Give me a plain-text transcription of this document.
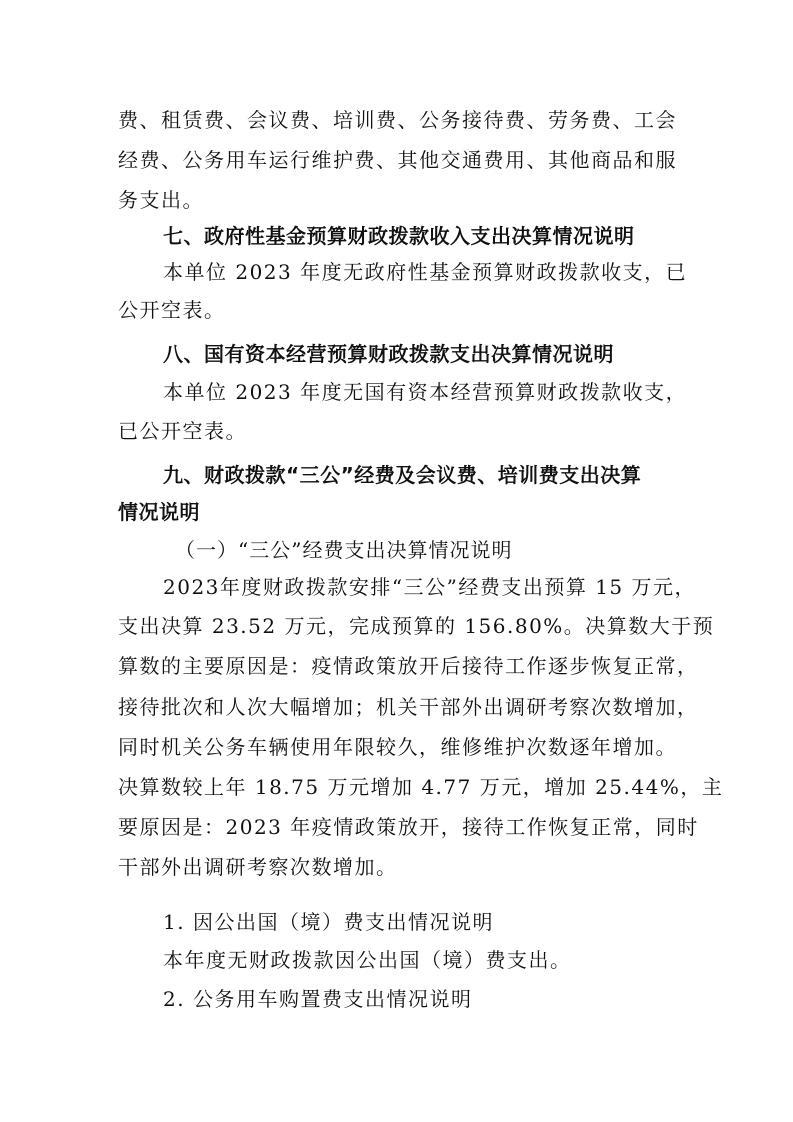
费、租赁费、会议费、培训费、公务接待费、劳务费、工会
经费、公务用车运行维护费、其他交通费用、其他商品和服
务支出。
七、政府性基金预算财政拨款收入支出决算情况说明
本单位 2023 年度无政府性基金预算财政拨款收支，已
公开空表。
八、国有资本经营预算财政拨款支出决算情况说明
本单位 2023 年度无国有资本经营预算财政拨款收支，
已公开空表。
九、财政拨款“三公”经费及会议费、培训费支出决算
情况说明
（一）“三公”经费支出决算情况说明
2023年度财政拨款安排“三公”经费支出预算 15 万元，
支出决算 23.52 万元，完成预算的 156.80%。决算数大于预
算数的主要原因是：疫情政策放开后接待工作逐步恢复正常，
接待批次和人次大幅增加；机关干部外出调研考察次数增加，
同时机关公务车辆使用年限较久，维修维护次数逐年增加。
决算数较上年 18.75 万元增加 4.77 万元，增加 25.44%，主
要原因是：2023 年疫情政策放开，接待工作恢复正常，同时
干部外出调研考察次数增加。
1. 因公出国（境）费支出情况说明
本年度无财政拨款因公出国（境）费支出。
2. 公务用车购置费支出情况说明
